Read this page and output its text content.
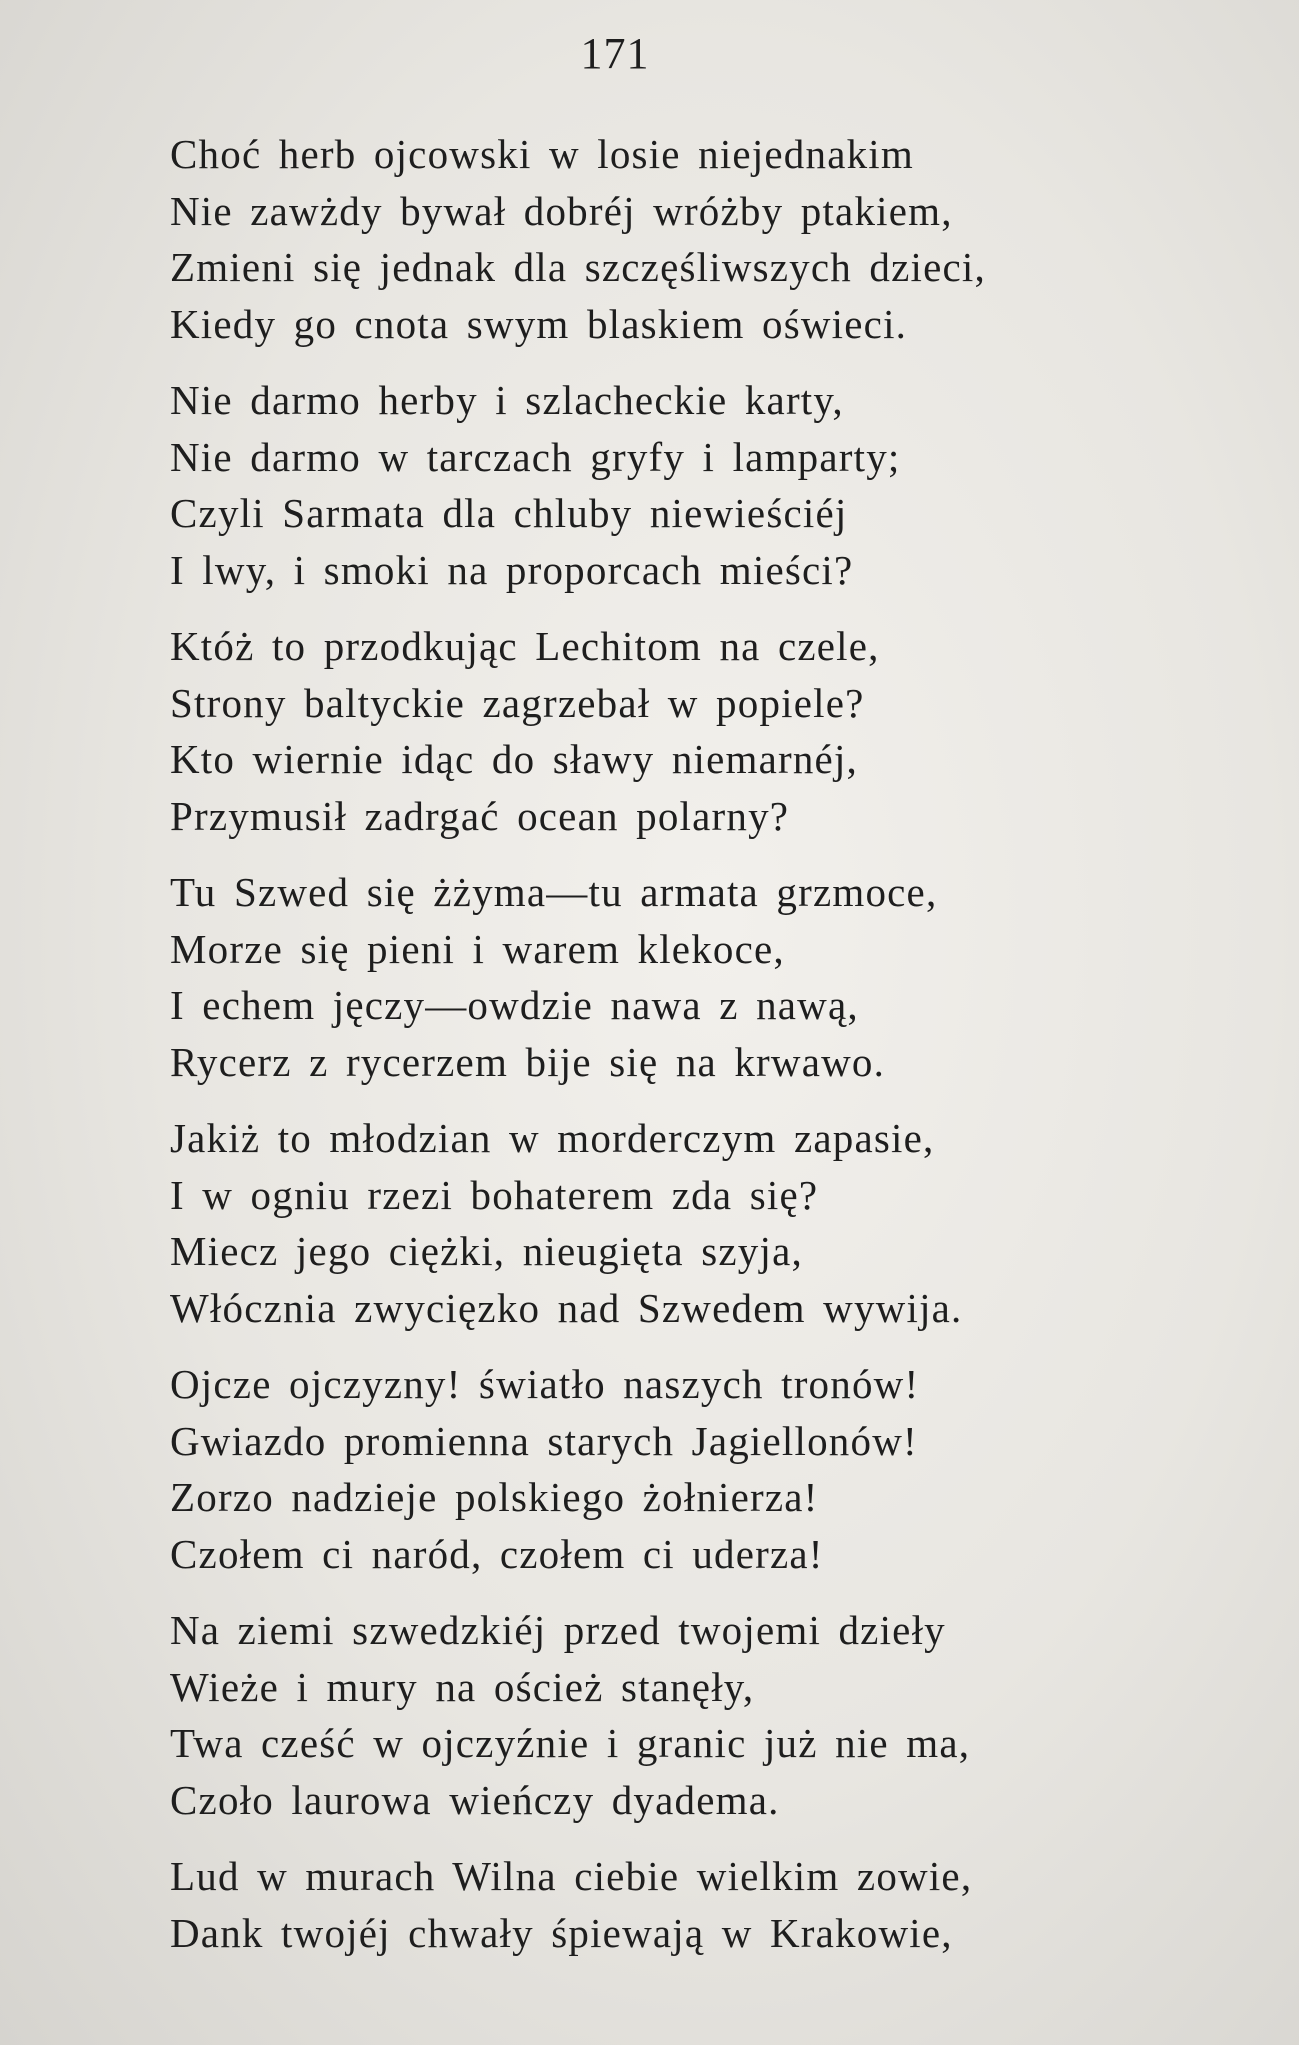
171
Choć herb ojcowski w losie niejednakim
Nie zawżdy bywał dobréj wróżby ptakiem,
Zmieni się jednak dla szczęśliwszych dzieci,
Kiedy go cnota swym blaskiem oświeci.
Nie darmo herby i szlacheckie karty,
Nie darmo w tarczach gryfy i lamparty;
Czyli Sarmata dla chluby niewieściéj
I lwy, i smoki na proporcach mieści?
Któż to przodkując Lechitom na czele,
Strony baltyckie zagrzebał w popiele?
Kto wiernie idąc do sławy niemarnéj,
Przymusił zadrgać ocean polarny?
Tu Szwed się żżyma—tu armata grzmoce,
Morze się pieni i warem klekoce,
I echem jęczy—owdzie nawa z nawą,
Rycerz z rycerzem bije się na krwawo.
Jakiż to młodzian w morderczym zapasie,
I w ogniu rzezi bohaterem zda się?
Miecz jego ciężki, nieugięta szyja,
Włócznia zwycięzko nad Szwedem wywija.
Ojcze ojczyzny! światło naszych tronów!
Gwiazdo promienna starych Jagiellonów!
Zorzo nadzieje polskiego żołnierza!
Czołem ci naród, czołem ci uderza!
Na ziemi szwedzkiéj przed twojemi dzieły
Wieże i mury na oścież stanęły,
Twa cześć w ojczyźnie i granic już nie ma,
Czoło laurowa wieńczy dyadema.
Lud w murach Wilna ciebie wielkim zowie,
Dank twojéj chwały śpiewają w Krakowie,
